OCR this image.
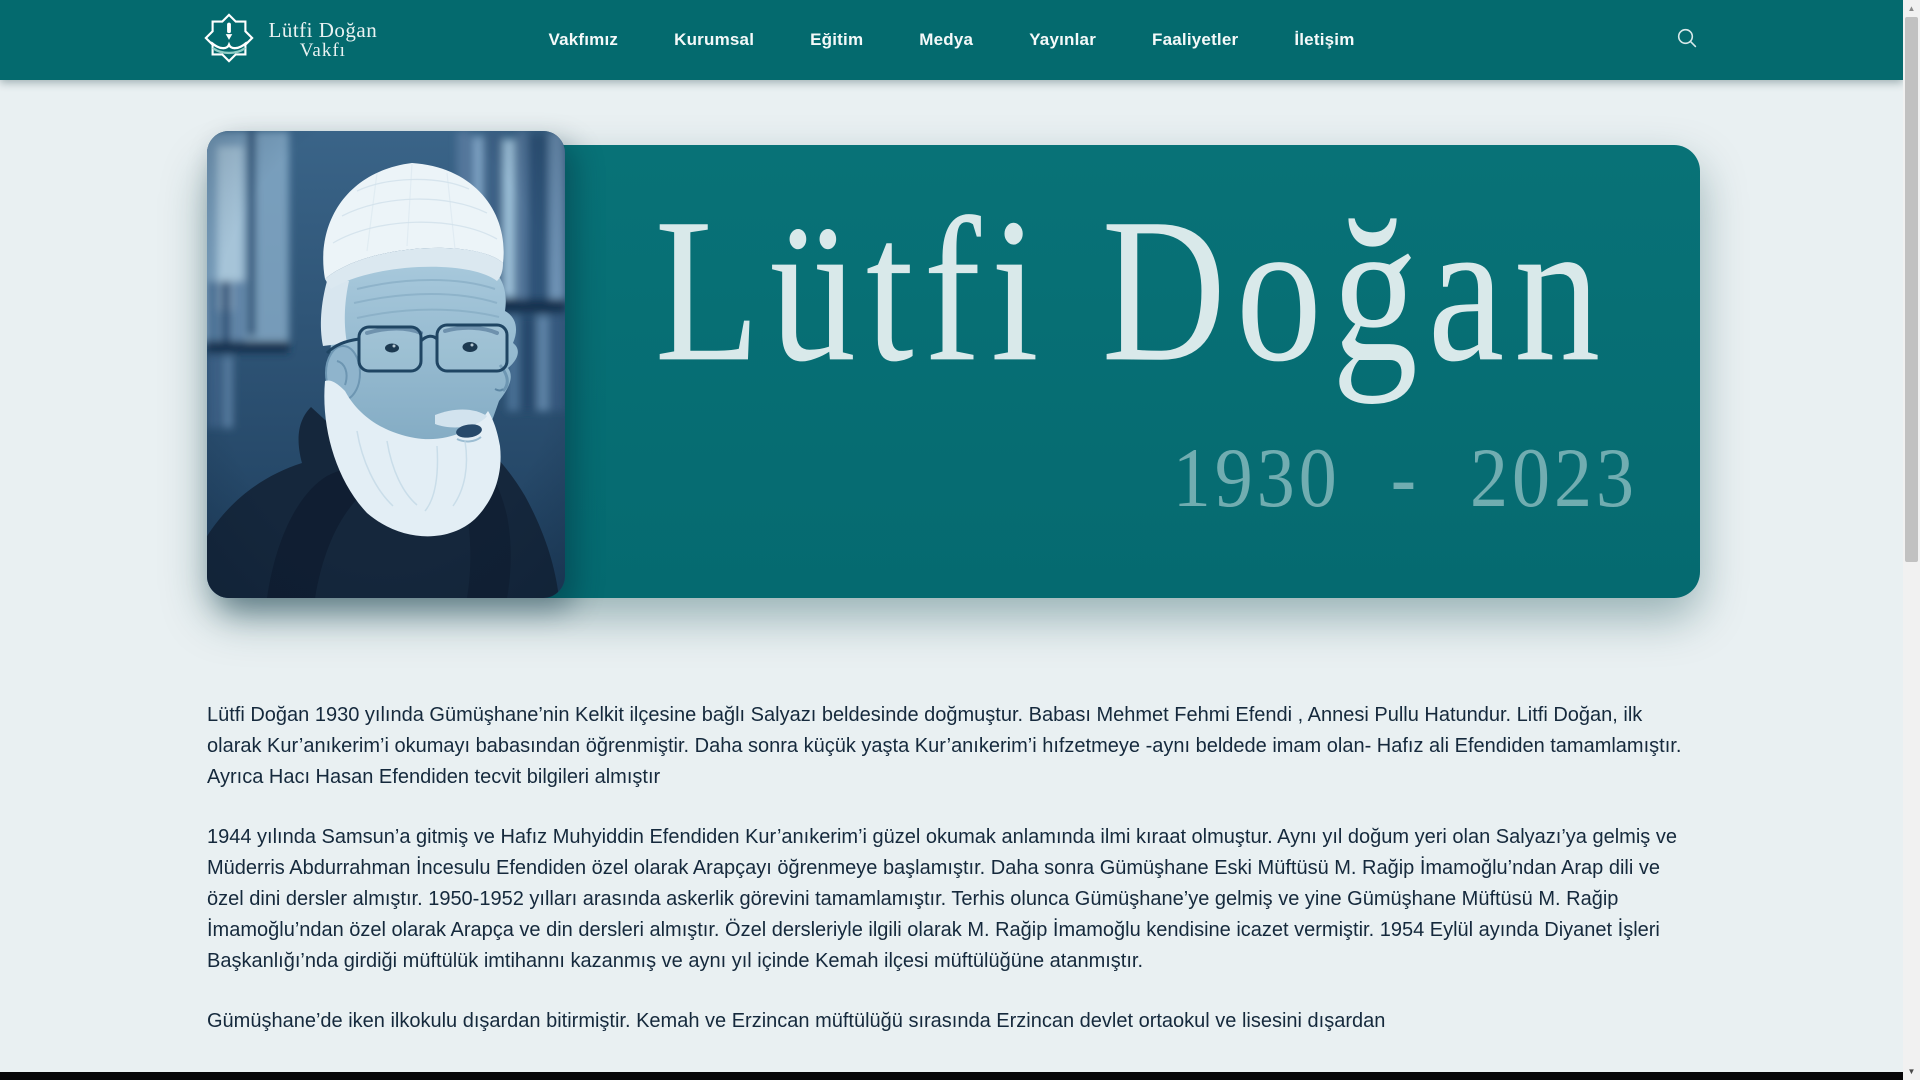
Lütfi Doğan
Vakfı
Vakfımız	Kurumsal	Eğitim	Medya	Yayınlar	Faaliyetler	İletişim
Lütfi Doğan
1930 - 2023

Lütfi Doğan 1930 yılında Gümüşhane’nin Kelkit ilçesine bağlı Salyazı beldesinde doğmuştur. Babası Mehmet Fehmi Efendi , Annesi Pullu Hatundur. Litfi Doğan, ilk olarak Kur’anıkerim’i okumayı babasından öğrenmiştir. Daha sonra küçük yaşta Kur’anıkerim’i hıfzetmeye -aynı beldede imam olan- Hafız ali Efendiden tamamlamıştır. Ayrıca Hacı Hasan Efendiden tecvit bilgileri almıştır

1944 yılında Samsun’a gitmiş ve Hafız Muhyiddin Efendiden Kur’anıkerim’i güzel okumak anlamında ilmi kıraat olmuştur. Aynı yıl doğum yeri olan Salyazı’ya gelmiş ve Müderris Abdurrahman İncesulu Efendiden özel olarak Arapçayı öğrenmeye başlamıştır. Daha sonra Gümüşhane Eski Müftüsü M. Rağip İmamoğlu’ndan Arap dili ve özel dini dersler almıştır. 1950-1952 yılları arasında askerlik görevini tamamlamıştır. Terhis olunca Gümüşhane’ye gelmiş ve yine Gümüşhane Müftüsü M. Rağip İmamoğlu’ndan özel olarak Arapça ve din dersleri almıştır. Özel dersleriyle ilgili olarak M. Rağip İmamoğlu kendisine icazet vermiştir. 1954 Eylül ayında Diyanet İşleri Başkanlığı’nda girdiği müftülük imtihannı kazanmış ve aynı yıl içinde Kemah ilçesi müftülüğüne atanmıştır.

Gümüşhane’de iken ilkokulu dışardan bitirmiştir. Kemah ve Erzincan müftülüğü sırasında Erzincan devlet ortaokul ve lisesini dışardan

▲
▼
